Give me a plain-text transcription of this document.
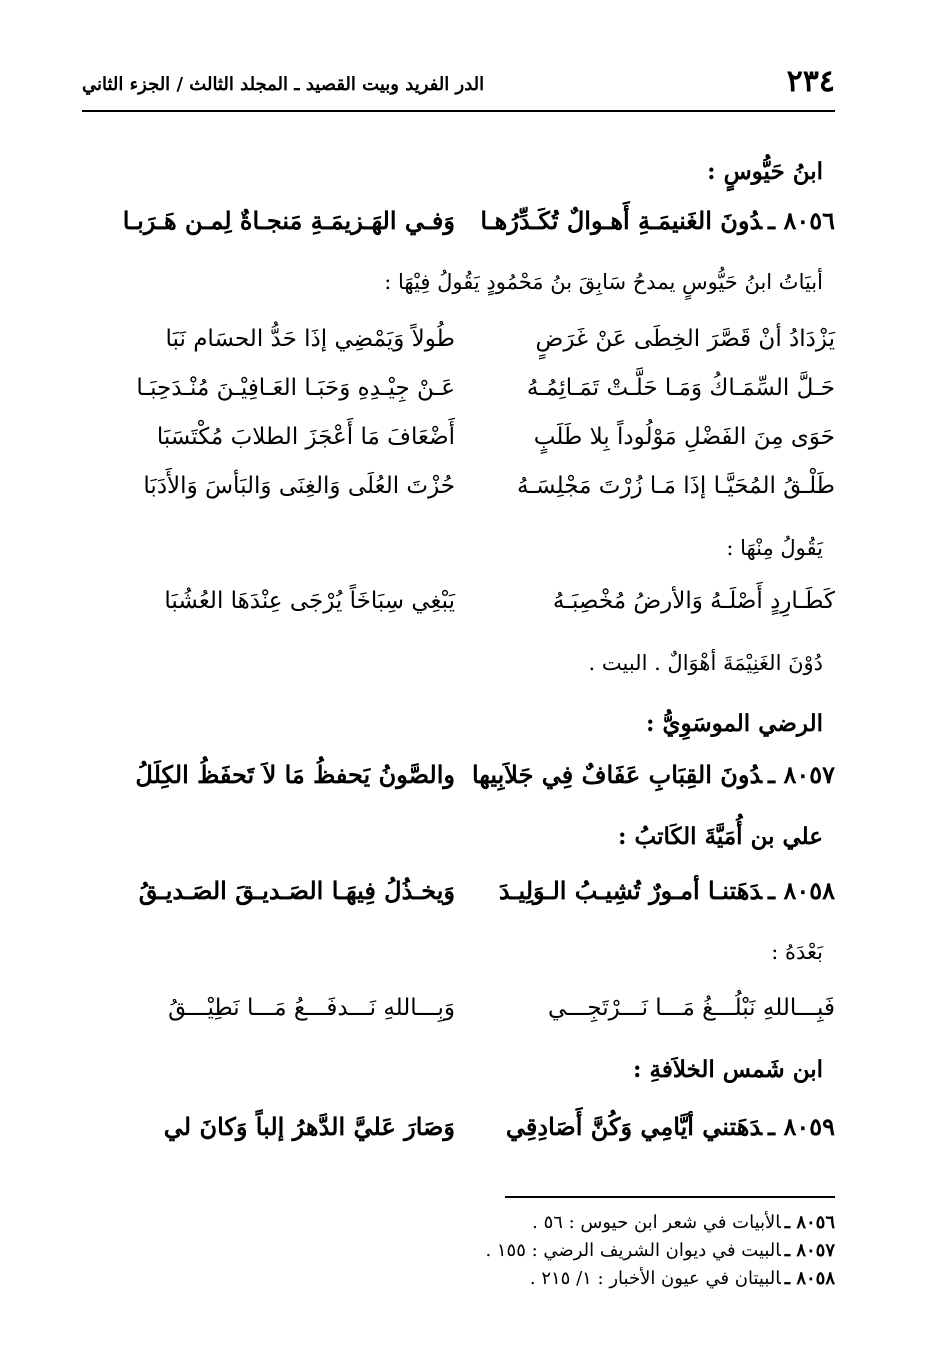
٢٣٤
الدر الفريد وبيت القصيد ـ المجلد الثالث / الجزء الثاني
ابنُ حَيُّوسٍ :
٨٠٥٦ ـدُونَ الغَنيمَـةِ أَهـوالٌ تُكَـدِّرُهـا
وَفـي الهَـزيمَـةِ مَنجـاةٌ لِمـن هَـرَبـا
أبيَاتُ ابنُ حَيُّوسٍ يمدحُ سَابِقَ بنُ مَحْمُودٍ يَقُولُ فِيْهَا :
يَزْدَادُ أنْ قَصَّرَ الخِطَى عَنْ غَرَضٍ
طُولاً وَيَمْضِي إذَا حَدُّ الحسَام نَبَا
حَـلَّ السِّمَـاكُ وَمَـا حَلَّـتْ تَمَـائِمُـهُ
عَـنْ جِيْـدِهِ وَحَبَـا العَـافِيْـنَ مُنْـدَحِبَـا
حَوَى مِنَ الفَضْلِ مَوْلُوداً بِلا طَلَبٍ
أَضْعَافَ مَا أَعْجَزَ الطلابَ مُكْتَسَبَا
طَلْـقُ المُحَيَّـا إذَا مَـا زُرْتَ مَجْلِسَـهُ
حُزْتَ العُلَى وَالغِنَى وَالبَأسَ وَالأَدَبَا
يَقُولُ مِنْهَا :
كَطَـارِدٍ أَصْلَـهُ وَالأرضُ مُخْصِبَـهُ
يَبْغِي سِبَاخَاً يُرْجَى عِنْدَهَا العُشُبَا
دُوْنَ الغَنِيْمَةَ أهْوَالٌ . البيت .
الرضي الموسَوِيُّ :
٨٠٥٧ ـدُونَ القِبَابِ عَفَافٌ فِي جَلاَبِيها
والصَّونُ يَحفظُ مَا لاَ تَحفَظُ الكِلَلُ
علي بن أُمَيَّةَ الكَاتبُ :
٨٠٥٨ ـدَهَتنـا أمـورٌ تُشِيـبُ الـوَلِيـدَ
وَيخـذُلُ فِيهَـا الصَـديـقَ الصَـديـقُ
بَعْدَهُ :
فَبِـــاللهِ نَبْلُـــغُ مَـــا نَـــرْتَجِـــي
وَبِـــاللهِ نَـــدفَـــعُ مَـــا نَطِيْـــقُ
ابن شَمس الخلاَفةِ :
٨٠٥٩ ـدَهَتني أيَّامِي وَكُنَّ أَصَادِقِي
وَصَارَ عَليَّ الدَّهرُ إلباً وَكانَ لي
٨٠٥٦ ـالأبيات في شعر ابن حيوس : ٥٦ .
٨٠٥٧ ـالبيت في ديوان الشريف الرضي : ١٥٥ .
٨٠٥٨ ـالبيتان في عيون الأخبار : ١/ ٢١٥ .
